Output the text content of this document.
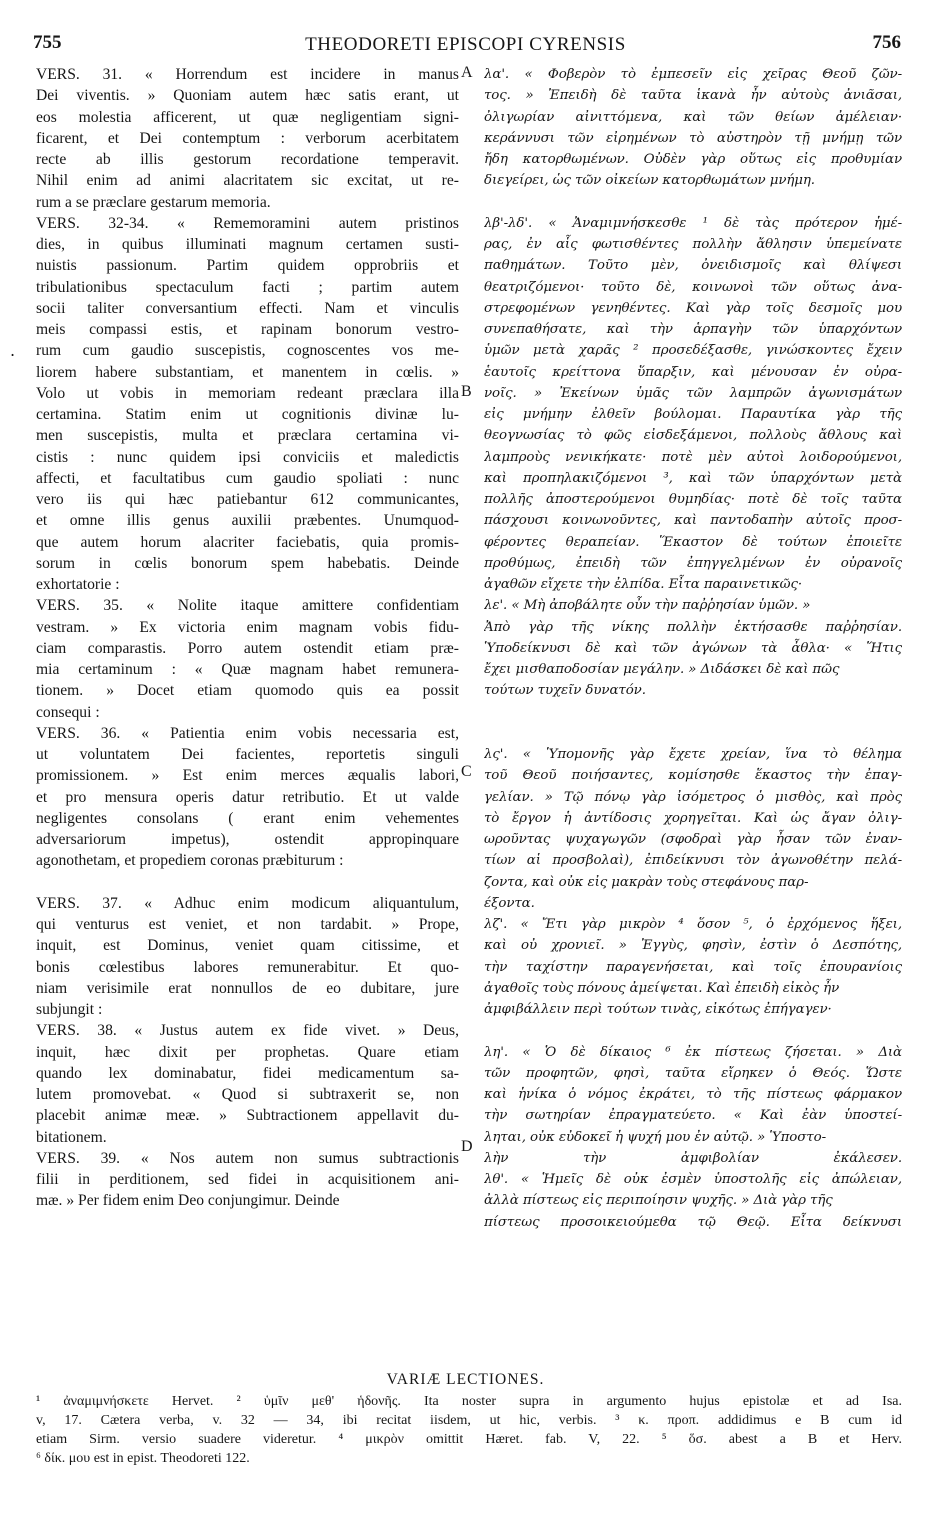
755	THEODORETI EPISCOPI CYRENSIS	756
.
VERS. 31. « Horrendum est incidere in manus
Dei viventis. » Quoniam autem hæc satis erant, ut
eos molestia afficerent, ut quæ negligentiam signi-
ficarent, et Dei contemptum : verborum acerbitatem
recte ab illis gestorum recordatione temperavit.
Nihil enim ad animi alacritatem sic excitat, ut re-
rum a se præclare gestarum memoria.
VERS. 32-34. « Rememoramini autem pristinos
dies, in quibus illuminati magnum certamen susti-
nuistis passionum. Partim quidem opprobriis et
tribulationibus spectaculum facti ; partim autem
socii taliter conversantium effecti. Nam et vinculis
meis compassi estis, et rapinam bonorum vestro-
rum cum gaudio suscepistis, cognoscentes vos me-
liorem habere substantiam, et manentem in cœlis. »
Volo ut vobis in memoriam redeant præclara illa
certamina. Statim enim ut cognitionis divinæ lu-
men suscepistis, multa et præclara certamina vi-
cistis : nunc quidem ipsi conviciis et maledictis
affecti, et facultatibus cum gaudio spoliati : nunc
vero iis qui hæc patiebantur 612 communicantes,
et omne illis genus auxilii præbentes. Unumquod-
que autem horum alacriter faciebatis, quia promis-
sorum in cœlis bonorum spem habebatis. Deinde
exhortatorie :
VERS. 35. « Nolite itaque amittere confidentiam
vestram. » Ex victoria enim magnam vobis fidu-
ciam comparastis. Porro autem ostendit etiam præ-
mia certaminum : « Quæ magnam habet remunera-
tionem. » Docet etiam quomodo quis ea possit
consequi :
VERS. 36. « Patientia enim vobis necessaria est,
ut voluntatem Dei facientes, reportetis singuli
promissionem. » Est enim merces æqualis labori,
et pro mensura operis datur retributio. Et ut valde
negligentes consolans ( erant enim vehementes
adversariorum impetus), ostendit appropinquare
agonothetam, et propediem coronas præbiturum :
VERS. 37. « Adhuc enim modicum aliquantulum,
qui venturus est veniet, et non tardabit. » Prope,
inquit, est Dominus, veniet quam citissime, et
bonis cœlestibus labores remunerabitur. Et quo-
niam verisimile erat nonnullos de eo dubitare, jure
subjungit :
VERS. 38. « Justus autem ex fide vivet. » Deus,
inquit, hæc dixit per prophetas. Quare etiam
quando lex dominabatur, fidei medicamentum sa-
lutem promovebat. « Quod si subtraxerit se, non
placebit animæ meæ. » Subtractionem appellavit du-
bitationem.
VERS. 39. « Nos autem non sumus subtractionis
filii in perditionem, sed fidei in acquisitionem ani-
mæ. » Per fidem enim Deo conjungimur. Deinde
λα'. « Φοβερὸν τὸ ἐμπεσεῖν εἰς χεῖρας Θεοῦ ζῶν-
τος. » Ἐπειδὴ δὲ ταῦτα ἱκανὰ ἦν αὐτοὺς ἀνιᾶσαι,
ὀλιγωρίαν αἰνιττόμενα, καὶ τῶν θείων ἀμέλειαν·
κεράννυσι τῶν εἰρημένων τὸ αὐστηρὸν τῇ μνήμῃ τῶν
ἤδη κατορθωμένων. Οὐδὲν γὰρ οὕτως εἰς προθυμίαν
διεγείρει, ὡς τῶν οἰκείων κατορθωμάτων μνήμη.
λβ'-λδ'. « Ἀναμιμνήσκεσθε ¹ δὲ τὰς πρότερον ἡμέ-
ρας, ἐν αἷς φωτισθέντες πολλὴν ἄθλησιν ὑπεμείνατε
παθημάτων. Τοῦτο μὲν, ὀνειδισμοῖς καὶ θλίψεσι
θεατριζόμενοι· τοῦτο δὲ, κοινωνοὶ τῶν οὕτως ἀνα-
στρεφομένων γενηθέντες. Καὶ γὰρ τοῖς δεσμοῖς μου
συνεπαθήσατε, καὶ τὴν ἁρπαγὴν τῶν ὑπαρχόντων
ὑμῶν μετὰ χαρᾶς ² προσεδέξασθε, γινώσκοντες ἔχειν
ἑαυτοῖς κρείττονα ὕπαρξιν, καὶ μένουσαν ἐν οὐρα-
νοῖς. » Ἐκείνων ὑμᾶς τῶν λαμπρῶν ἀγωνισμάτων
εἰς μνήμην ἐλθεῖν βούλομαι. Παραυτίκα γὰρ τῆς
θεογνωσίας τὸ φῶς εἰσδεξάμενοι, πολλοὺς ἄθλους καὶ
λαμπροὺς νενικήκατε· ποτὲ μὲν αὐτοὶ λοιδορούμενοι,
καὶ προπηλακιζόμενοι ³, καὶ τῶν ὑπαρχόντων μετὰ
πολλῆς ἀποστερούμενοι θυμηδίας· ποτὲ δὲ τοῖς ταῦτα
πάσχουσι κοινωνοῦντες, καὶ παντοδαπὴν αὐτοῖς προσ-
φέροντες θεραπείαν. Ἕκαστον δὲ τούτων ἐποιεῖτε
προθύμως, ἐπειδὴ τῶν ἐπηγγελμένων ἐν οὐρανοῖς
ἀγαθῶν εἴχετε τὴν ἐλπίδα. Εἶτα παραινετικῶς·
λε'. « Μὴ ἀποβάλητε οὖν τὴν παῤῥησίαν ὑμῶν. »
Ἀπὸ γὰρ τῆς νίκης πολλὴν ἐκτήσασθε παῤῥησίαν.
Ὑποδείκνυσι δὲ καὶ τῶν ἀγώνων τὰ ἆθλα· « Ἥτις
ἔχει μισθαποδοσίαν μεγάλην. » Διδάσκει δὲ καὶ πῶς
τούτων τυχεῖν δυνατόν.
λς'. « Ὑπομονῆς γὰρ ἔχετε χρείαν, ἵνα τὸ θέλημα
τοῦ Θεοῦ ποιήσαντες, κομίσησθε ἕκαστος τὴν ἐπαγ-
γελίαν. » Τῷ πόνῳ γὰρ ἰσόμετρος ὁ μισθὸς, καὶ πρὸς
τὸ ἔργον ἡ ἀντίδοσις χορηγεῖται. Καὶ ὡς ἄγαν ὀλιγ-
ωροῦντας ψυχαγωγῶν (σφοδραὶ γὰρ ἦσαν τῶν ἐναν-
τίων αἱ προσβολαὶ), ἐπιδείκνυσι τὸν ἀγωνοθέτην πελά-
ζοντα, καὶ οὐκ εἰς μακρὰν τοὺς στεφάνους παρ-
έξοντα.
λζ'. « Ἔτι γὰρ μικρὸν ⁴ ὅσον ⁵, ὁ ἐρχόμενος ἥξει,
καὶ οὐ χρονιεῖ. » Ἐγγὺς, φησὶν, ἐστὶν ὁ Δεσπότης,
τὴν ταχίστην παραγενήσεται, καὶ τοῖς ἐπουρανίοις
ἀγαθοῖς τοὺς πόνους ἀμείψεται. Καὶ ἐπειδὴ εἰκὸς ἦν
ἀμφιβάλλειν περὶ τούτων τινὰς, εἰκότως ἐπήγαγεν·
λη'. « Ὁ δὲ δίκαιος ⁶ ἐκ πίστεως ζήσεται. » Διὰ
τῶν προφητῶν, φησὶ, ταῦτα εἴρηκεν ὁ Θεός. Ὥστε
καὶ ἡνίκα ὁ νόμος ἐκράτει, τὸ τῆς πίστεως φάρμακον
τὴν σωτηρίαν ἐπραγματεύετο. « Καὶ ἐὰν ὑποστεί-
ληται, οὐκ εὐδοκεῖ ἡ ψυχή μου ἐν αὐτῷ. » Ὑποστο-
λὴν τὴν ἀμφιβολίαν ἐκάλεσεν.
λθ'. « Ἡμεῖς δὲ οὐκ ἐσμὲν ὑποστολῆς εἰς ἀπώλειαν,
ἀλλὰ πίστεως εἰς περιποίησιν ψυχῆς. » Διὰ γὰρ τῆς
πίστεως προσοικειούμεθα τῷ Θεῷ. Εἶτα δείκνυσι
A
B
C
D
VARIÆ LECTIONES.
¹ ἀναμιμνήσκετε Hervet. ² ὑμῖν μεθ' ἡδονῆς. Ita noster supra in argumento hujus epistolæ et ad Isa.
v, 17. Cætera verba, v. 32 — 34, ibi recitat iisdem, ut hic, verbis. ³ κ. προπ. addidimus e B cum id
etiam Sirm. versio suadere videretur. ⁴ μικρὸν omittit Hæret. fab. V, 22. ⁵ ὅσ. abest a B et Herv.
⁶ δίκ. μου est in epist. Theodoreti 122.
